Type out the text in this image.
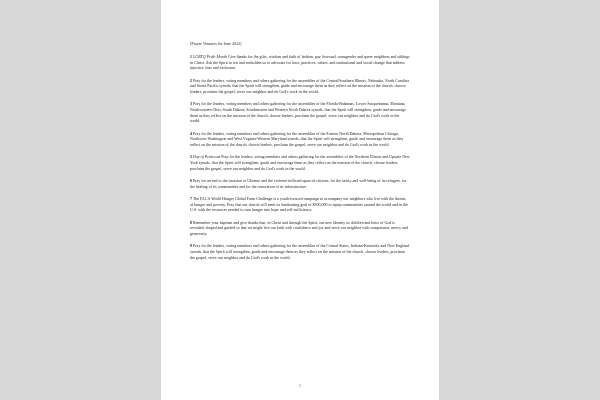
[Prayer Ventures for June 2022]

1 LGBTQ Pride Month Give thanks for the gifts, wisdom and faith of lesbian, gay, bisexual, transgender and queer neighbors and siblings in Christ. Ask the Spirit to stir and embolden us to advocate for laws, practices, values, and institutional and social change that address injustice, bias and exclusion.

2 Pray for the leaders, voting members and others gathering for the assemblies of the Central/Southern Illinois, Nebraska, North Carolina and Sierra Pacific synods, that the Spirit will strengthen, guide and encourage them as they reflect on the mission of the church, choose leaders, proclaim the gospel, serve our neighbor and do God's work in the world.

3 Pray for the leaders, voting members and others gathering for the assemblies of the Florida-Bahamas, Lower Susquehanna, Montana, Northwestern Ohio, South Dakota, Southeastern and Western North Dakota synods, that the Spirit will strengthen, guide and encourage them as they reflect on the mission of the church, choose leaders, proclaim the gospel, serve our neighbor and do God's work in the world.

4 Pray for the leaders, voting members and others gathering for the assemblies of the Eastern North Dakota, Metropolitan Chicago, Northwest Washington and West Virginia-Western Maryland synods, that the Spirit will strengthen, guide and encourage them as they reflect on the mission of the church, choose leaders, proclaim the gospel, serve our neighbor and do God's work in the world.

5 Day of Pentecost Pray for the leaders, voting members and others gathering for the assemblies of the Northern Illinois and Upstate New York synods, that the Spirit will strengthen, guide and encourage them as they reflect on the mission of the church, choose leaders, proclaim the gospel, serve our neighbor and do God's work in the world.

6 Pray for an end to the invasion of Ukraine and the violence inflicted upon its citizens, for the safety and well-being of its refugees, for the healing of its communities and for the restoration of its infrastructure.

7 The ELCA World Hunger Global Farm Challenge is a youth-focused campaign to accompany our neighbors who live with the threats of hunger and poverty. Pray that our church will meet its fundraising goal of $500,000 to equip communities around the world and in the U.S. with the resources needed to turn hunger into hope and self-sufficiency.

8 Remember your baptism and give thanks that, in Christ and through the Spirit, our new identity as children and heirs of God is revealed, shaped and guided so that we might live our faith with confidence and joy and serve our neighbor with compassion, mercy and generosity.

9 Pray for the leaders, voting members and others gathering for the assemblies of the Central States, Indiana-Kentucky and New England synods, that the Spirit will strengthen, guide and encourage them as they reflect on the mission of the church, choose leaders, proclaim the gospel, serve our neighbor and do God's work in the world.

1
